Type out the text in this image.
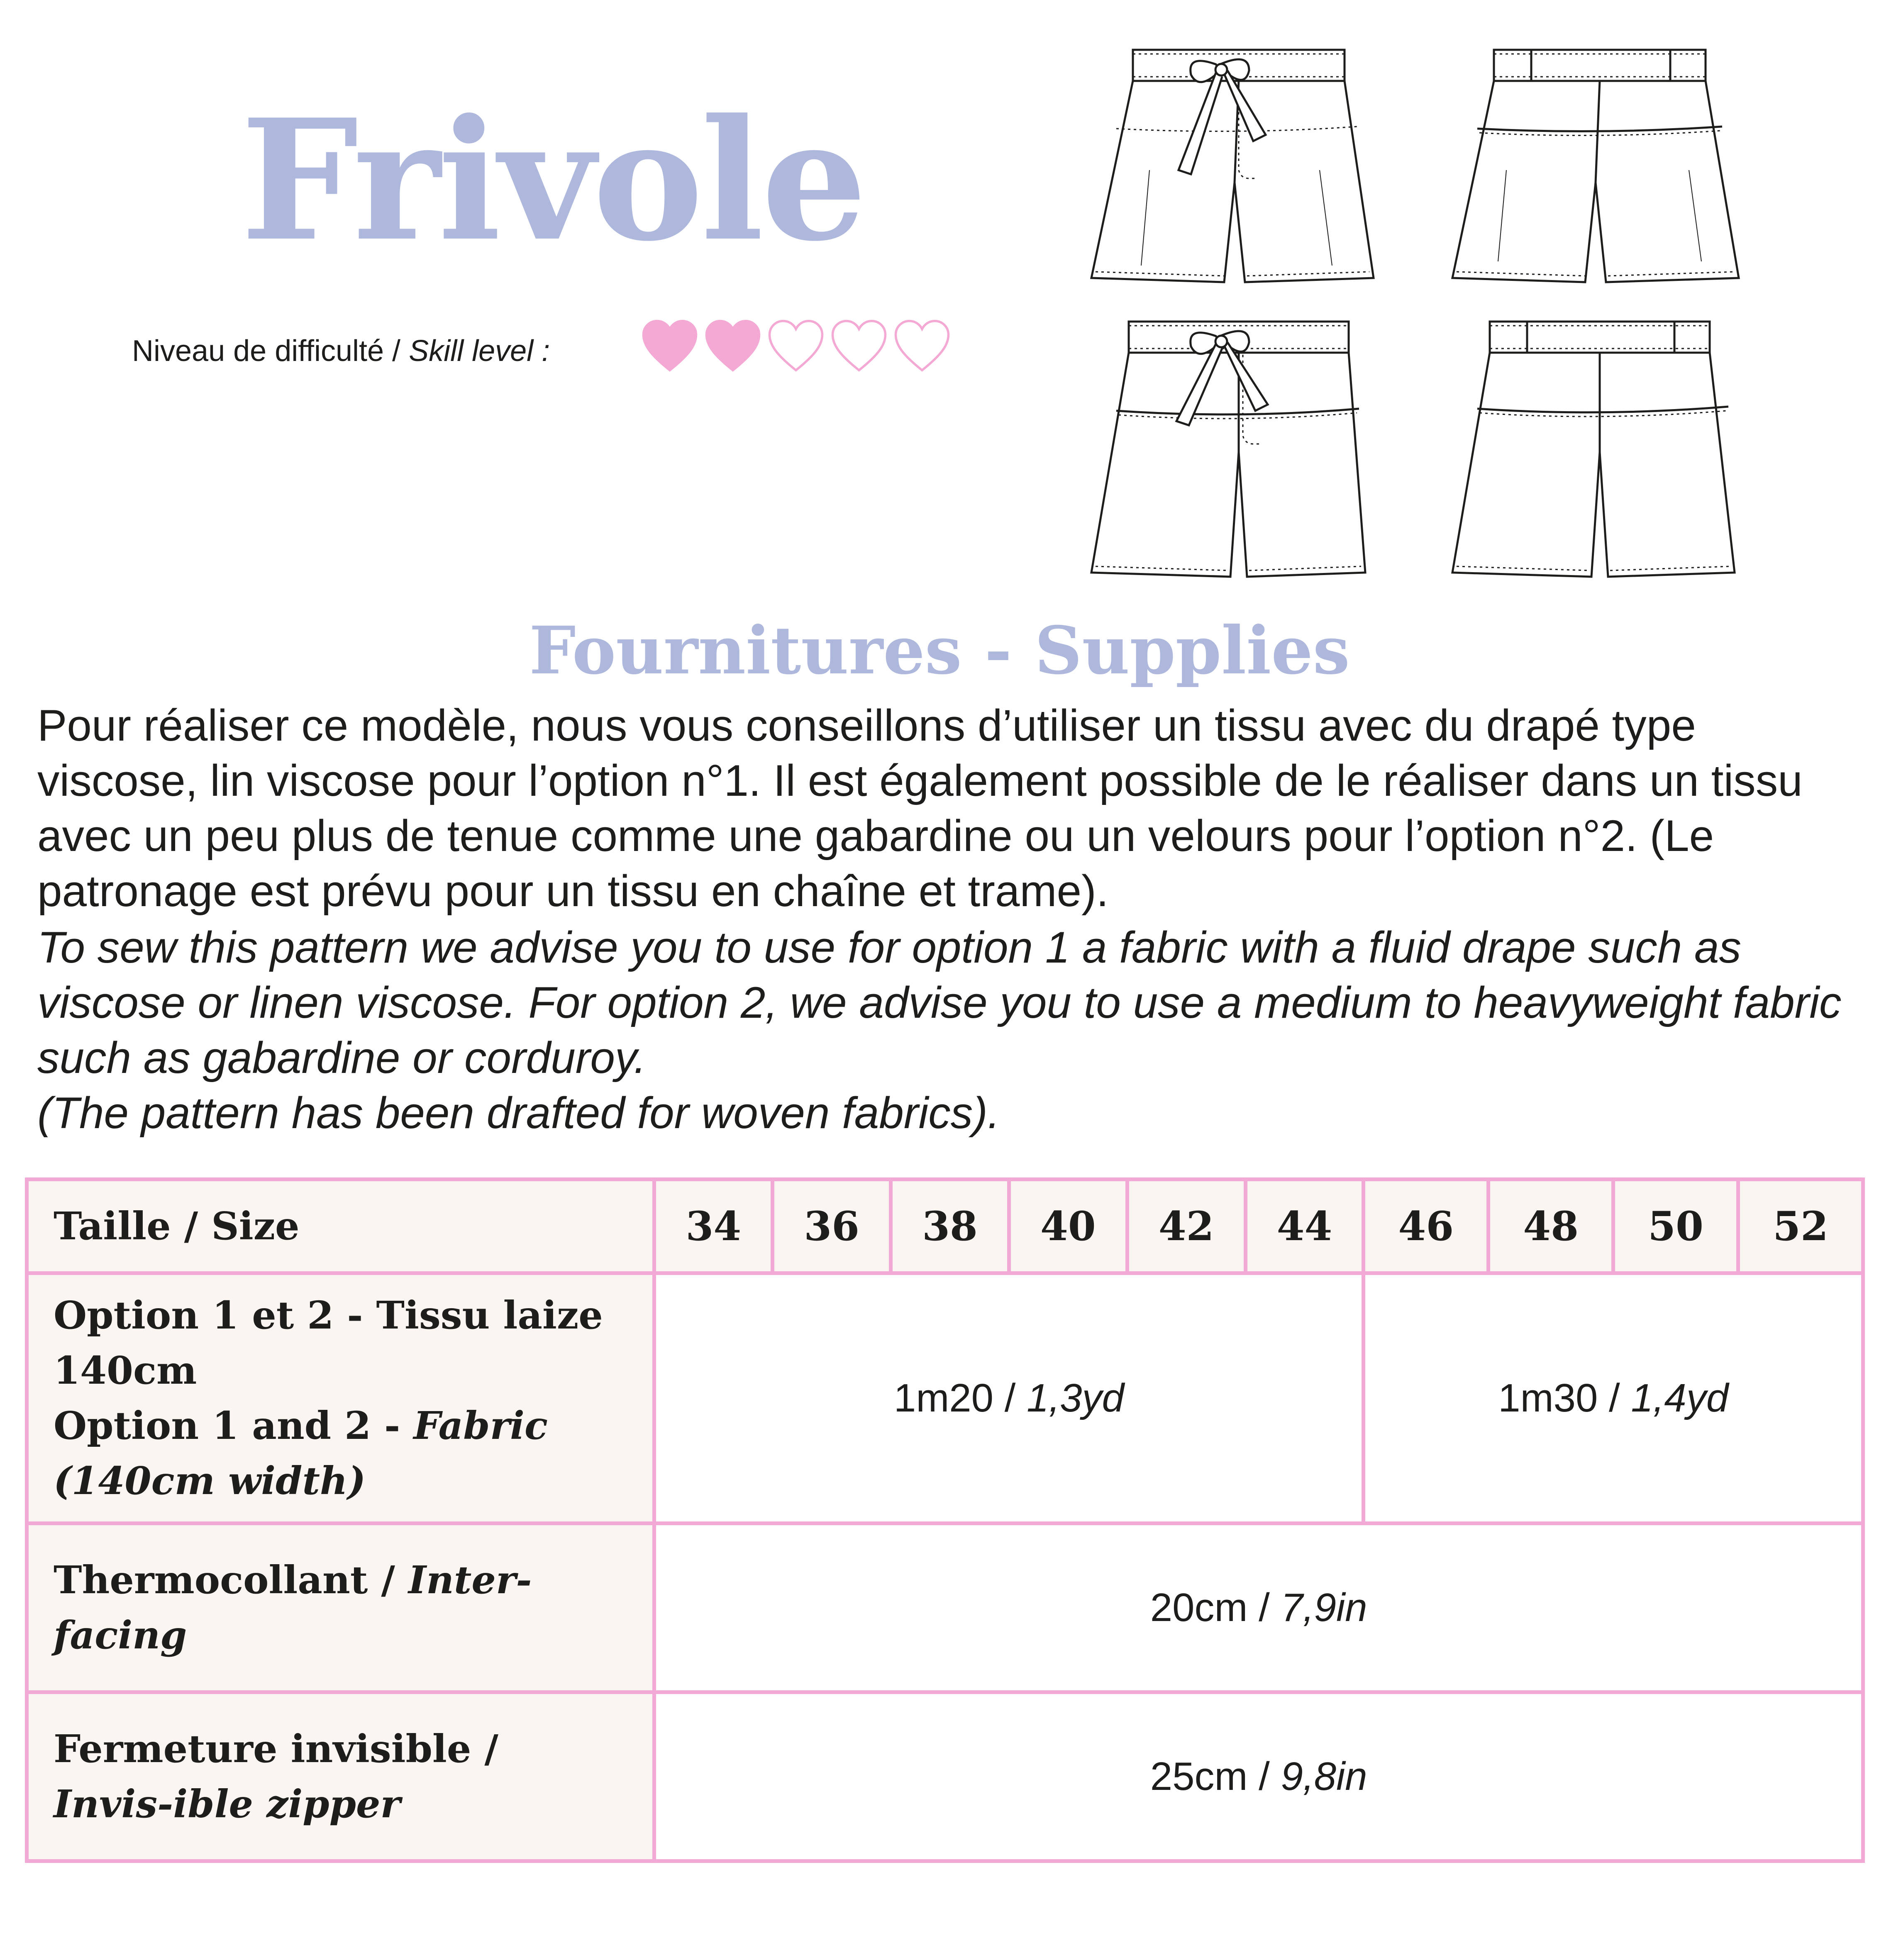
Frivole
Niveau de difficulté / Skill level :
Fournitures - Supplies

Pour réaliser ce modèle, nous vous conseillons d’utiliser un tissu avec du drapé type viscose, lin viscose pour l’option n°1. Il est également possible de le réaliser dans un tissu avec un peu plus de tenue comme une gabardine ou un velours pour l’option n°2. (Le patronage est prévu pour un tissu en chaîne et trame).

To sew this pattern we advise you to use for option 1 a fabric with a fluid drape such as viscose or linen viscose. For option 2, we advise you to use a medium to heavyweight fabric such as gabardine or corduroy.
(The pattern has been drafted for woven fabrics).
Taille / Size	34	36	38	40	42	44	46	48	50	52
Option 1 et 2 - Tissu laize 140cm
Option 1 and 2 - Fabric (140cm width)	1m20 / 1,3yd						1m30 / 1,4yd			
Thermocollant / Inter-facing	20cm / 7,9in									
Fermeture invisible / Invis-ible zipper	25cm / 9,8in									
